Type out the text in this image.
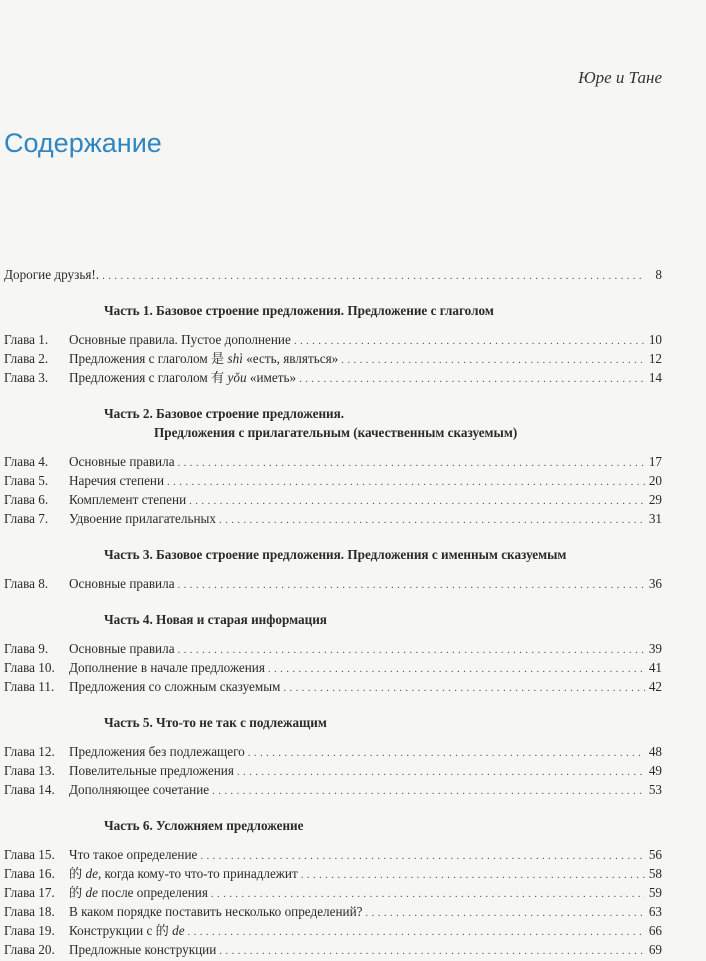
Юре и Тане
Содержание
Дорогие друзья!. . . .	8
Часть 1. Базовое строение предложения. Предложение с глаголом
Глава 1.	Основные правила. Пустое дополнение . . .	10
Глава 2.	Предложения с глаголом 是 shì «есть, являться» . . .	12
Глава 3.	Предложения с глаголом 有 yǒu «иметь» . . .	14
Часть 2. Базовое строение предложения.
Предложения с прилагательным (качественным сказуемым)
Глава 4.	Основные правила . . .	17
Глава 5.	Наречия степени . . .	20
Глава 6.	Комплемент степени . . .	29
Глава 7.	Удвоение прилагательных . . .	31
Часть 3. Базовое строение предложения. Предложения с именным сказуемым
Глава 8.	Основные правила . . .	36
Часть 4. Новая и старая информация
Глава 9.	Основные правила . . .	39
Глава 10.	Дополнение в начале предложения . . .	41
Глава 11.	Предложения со сложным сказуемым . . .	42
Часть 5. Что-то не так с подлежащим
Глава 12.	Предложения без подлежащего . . .	48
Глава 13.	Повелительные предложения . . .	49
Глава 14.	Дополняющее сочетание . . .	53
Часть 6. Усложняем предложение
Глава 15.	Что такое определение . . .	56
Глава 16.	的 de, когда кому-то что-то принадлежит . . .	58
Глава 17.	的 de после определения . . .	59
Глава 18.	В каком порядке поставить несколько определений? . . .	63
Глава 19.	Конструкции с 的 de . . .	66
Глава 20.	Предложные конструкции . . .	69
